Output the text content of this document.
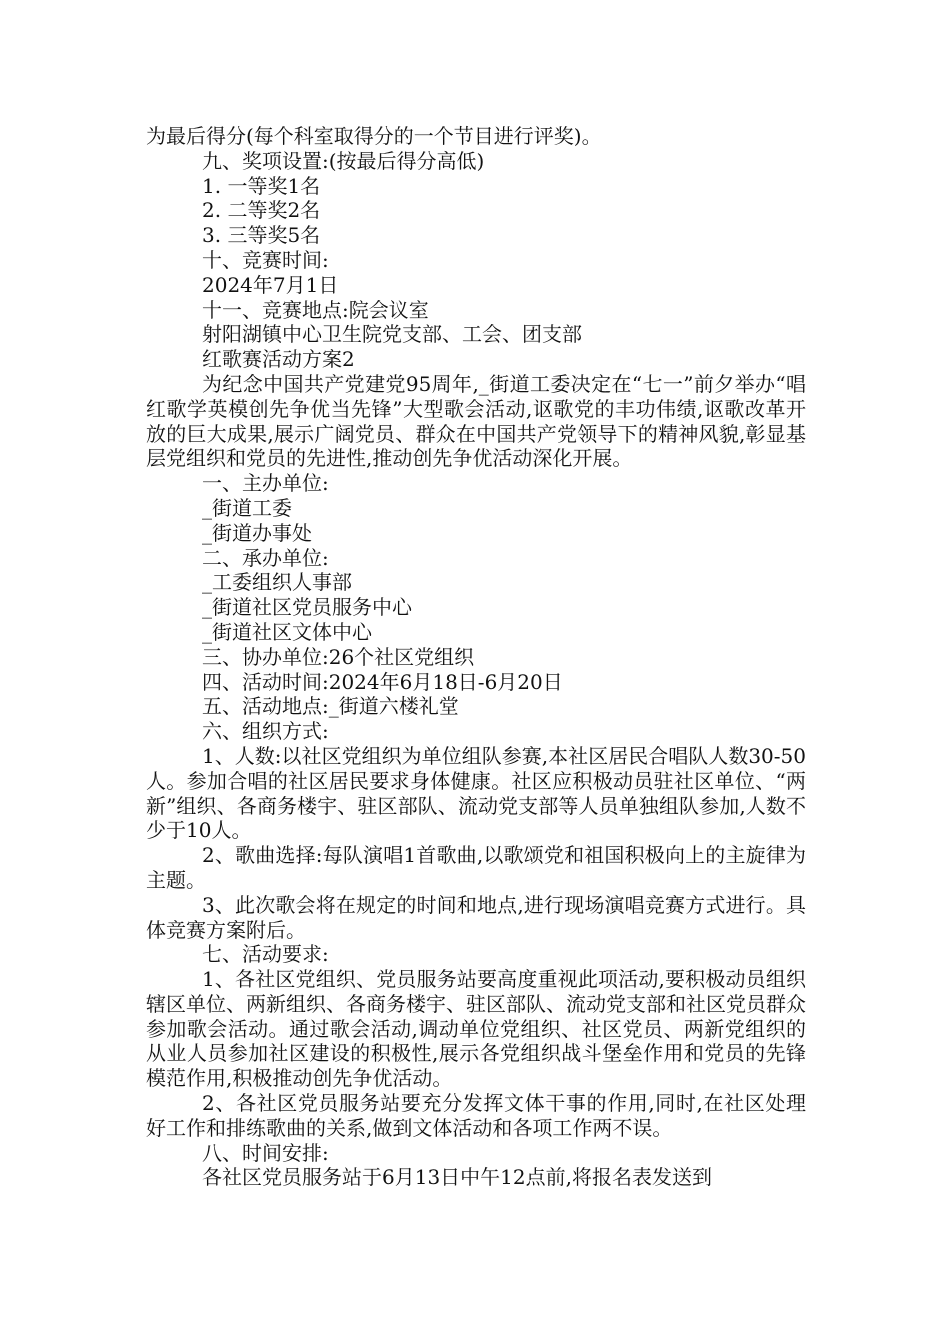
为最后得分(每个科室取得分的一个节目进行评奖)。

九、奖项设置:(按最后得分高低)

1. 一等奖1名

2. 二等奖2名

3. 三等奖5名

十、竞赛时间:

2024年7月1日

十一、竞赛地点:院会议室

射阳湖镇中心卫生院党支部、工会、团支部

红歌赛活动方案2

为纪念中国共产党建党95周年,_街道工委决定在“七一”前夕举办“唱红歌学英模创先争优当先锋”大型歌会活动,讴歌党的丰功伟绩,讴歌改革开放的巨大成果,展示广阔党员、群众在中国共产党领导下的精神风貌,彰显基层党组织和党员的先进性,推动创先争优活动深化开展。

一、主办单位:

_街道工委

_街道办事处

二、承办单位:

_工委组织人事部

_街道社区党员服务中心

_街道社区文体中心

三、协办单位:26个社区党组织

四、活动时间:2024年6月18日-6月20日

五、活动地点:_街道六楼礼堂

六、组织方式:

1、人数:以社区党组织为单位组队参赛,本社区居民合唱队人数30-50人。参加合唱的社区居民要求身体健康。社区应积极动员驻社区单位、“两新”组织、各商务楼宇、驻区部队、流动党支部等人员单独组队参加,人数不少于10人。

2、歌曲选择:每队演唱1首歌曲,以歌颂党和祖国积极向上的主旋律为主题。

3、此次歌会将在规定的时间和地点,进行现场演唱竞赛方式进行。具体竞赛方案附后。

七、活动要求:

1、各社区党组织、党员服务站要高度重视此项活动,要积极动员组织辖区单位、两新组织、各商务楼宇、驻区部队、流动党支部和社区党员群众参加歌会活动。通过歌会活动,调动单位党组织、社区党员、两新党组织的从业人员参加社区建设的积极性,展示各党组织战斗堡垒作用和党员的先锋模范作用,积极推动创先争优活动。

2、各社区党员服务站要充分发挥文体干事的作用,同时,在社区处理好工作和排练歌曲的关系,做到文体活动和各项工作两不误。

八、时间安排:

各社区党员服务站于6月13日中午12点前,将报名表发送到
